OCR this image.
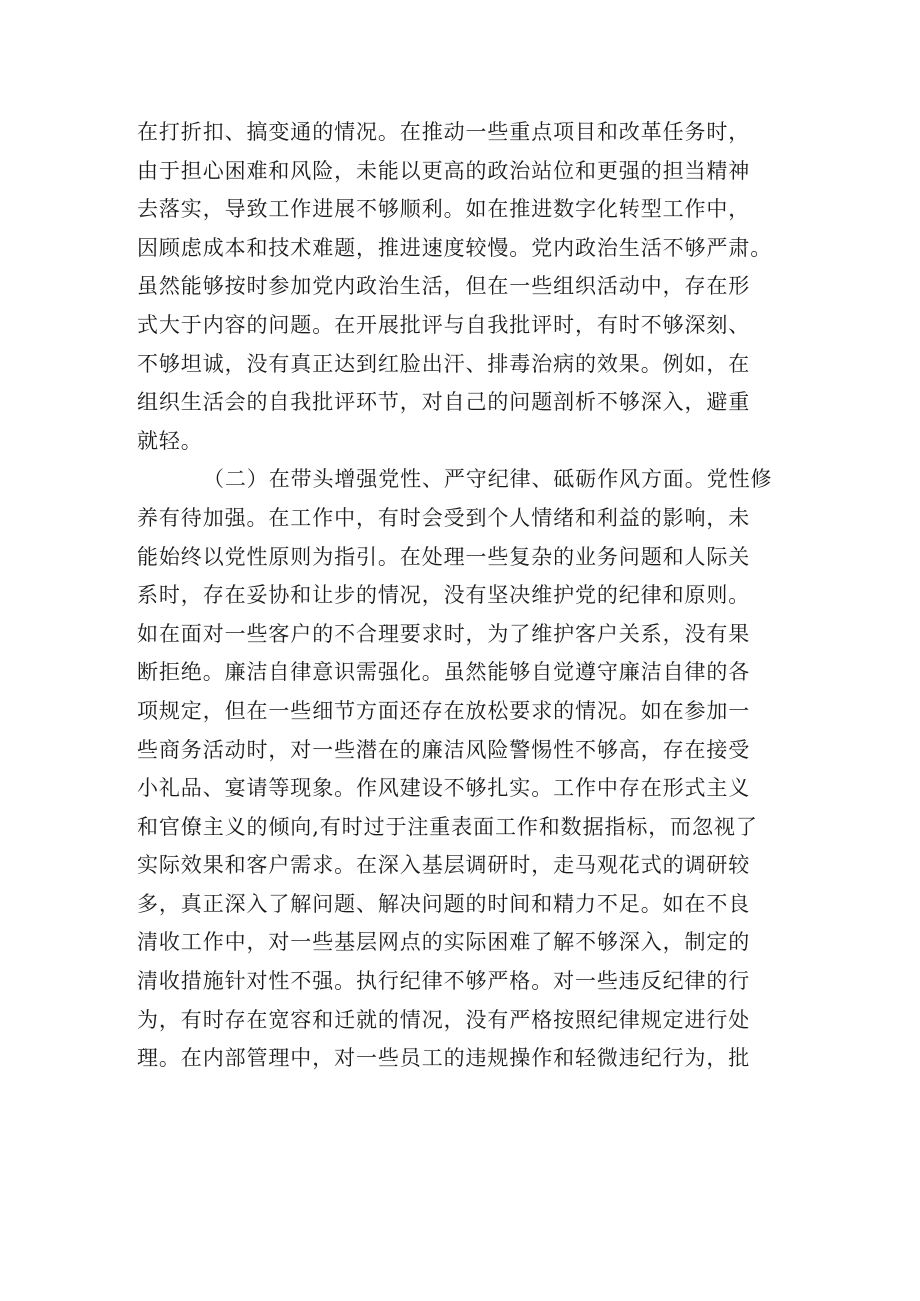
在打折扣、搞变通的情况。在推动一些重点项目和改革任务时，
由于担心困难和风险，未能以更高的政治站位和更强的担当精神
去落实，导致工作进展不够顺利。如在推进数字化转型工作中，
因顾虑成本和技术难题，推进速度较慢。党内政治生活不够严肃。
虽然能够按时参加党内政治生活，但在一些组织活动中，存在形
式大于内容的问题。在开展批评与自我批评时，有时不够深刻、
不够坦诚，没有真正达到红脸出汗、排毒治病的效果。例如，在
组织生活会的自我批评环节，对自己的问题剖析不够深入，避重
就轻。
（二）在带头增强党性、严守纪律、砥砺作风方面。党性修
养有待加强。在工作中，有时会受到个人情绪和利益的影响，未
能始终以党性原则为指引。在处理一些复杂的业务问题和人际关
系时，存在妥协和让步的情况，没有坚决维护党的纪律和原则。
如在面对一些客户的不合理要求时，为了维护客户关系，没有果
断拒绝。廉洁自律意识需强化。虽然能够自觉遵守廉洁自律的各
项规定，但在一些细节方面还存在放松要求的情况。如在参加一
些商务活动时，对一些潜在的廉洁风险警惕性不够高，存在接受
小礼品、宴请等现象。作风建设不够扎实。工作中存在形式主义
和官僚主义的倾向,有时过于注重表面工作和数据指标，而忽视了
实际效果和客户需求。在深入基层调研时，走马观花式的调研较
多，真正深入了解问题、解决问题的时间和精力不足。如在不良
清收工作中，对一些基层网点的实际困难了解不够深入，制定的
清收措施针对性不强。执行纪律不够严格。对一些违反纪律的行
为，有时存在宽容和迁就的情况，没有严格按照纪律规定进行处
理。在内部管理中，对一些员工的违规操作和轻微违纪行为，批
